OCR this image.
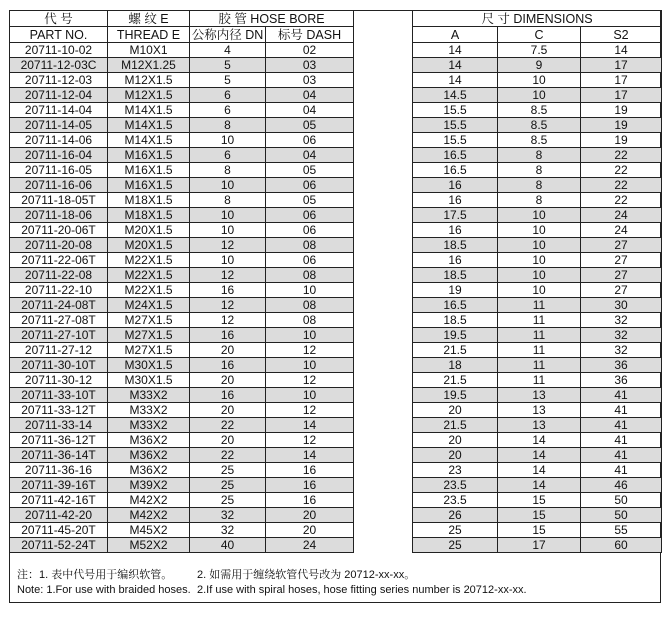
代 号	螺 纹 E	胶 管 HOSE BORE			尺 寸 DIMENSIONS		
PART NO.	THREAD E	公称内径 DN	标号 DASH		A	C	S2
20711-10-02	M10X1	4	02		14	7.5	14
20711-12-03C	M12X1.25	5	03		14	9	17
20711-12-03	M12X1.5	5	03		14	10	17
20711-12-04	M12X1.5	6	04		14.5	10	17
20711-14-04	M14X1.5	6	04		15.5	8.5	19
20711-14-05	M14X1.5	8	05		15.5	8.5	19
20711-14-06	M14X1.5	10	06		15.5	8.5	19
20711-16-04	M16X1.5	6	04		16.5	8	22
20711-16-05	M16X1.5	8	05		16.5	8	22
20711-16-06	M16X1.5	10	06		16	8	22
20711-18-05T	M18X1.5	8	05		16	8	22
20711-18-06	M18X1.5	10	06		17.5	10	24
20711-20-06T	M20X1.5	10	06		16	10	24
20711-20-08	M20X1.5	12	08		18.5	10	27
20711-22-06T	M22X1.5	10	06		16	10	27
20711-22-08	M22X1.5	12	08		18.5	10	27
20711-22-10	M22X1.5	16	10		19	10	27
20711-24-08T	M24X1.5	12	08		16.5	11	30
20711-27-08T	M27X1.5	12	08		18.5	11	32
20711-27-10T	M27X1.5	16	10		19.5	11	32
20711-27-12	M27X1.5	20	12		21.5	11	32
20711-30-10T	M30X1.5	16	10		18	11	36
20711-30-12	M30X1.5	20	12		21.5	11	36
20711-33-10T	M33X2	16	10		19.5	13	41
20711-33-12T	M33X2	20	12		20	13	41
20711-33-14	M33X2	22	14		21.5	13	41
20711-36-12T	M36X2	20	12		20	14	41
20711-36-14T	M36X2	22	14		20	14	41
20711-36-16	M36X2	25	16		23	14	41
20711-39-16T	M39X2	25	16		23.5	14	46
20711-42-16T	M42X2	25	16		23.5	15	50
20711-42-20	M42X2	32	20		26	15	50
20711-45-20T	M45X2	32	20		25	15	55
20711-52-24T	M52X2	40	24		25	17	60
注：1. 表中代号用于编织软管。 2. 如需用于缠绕软管代号改为 20712-xx-xx。
Note: 1.For use with braided hoses. 2.If use with spiral hoses, hose fitting series number is 20712-xx-xx.
